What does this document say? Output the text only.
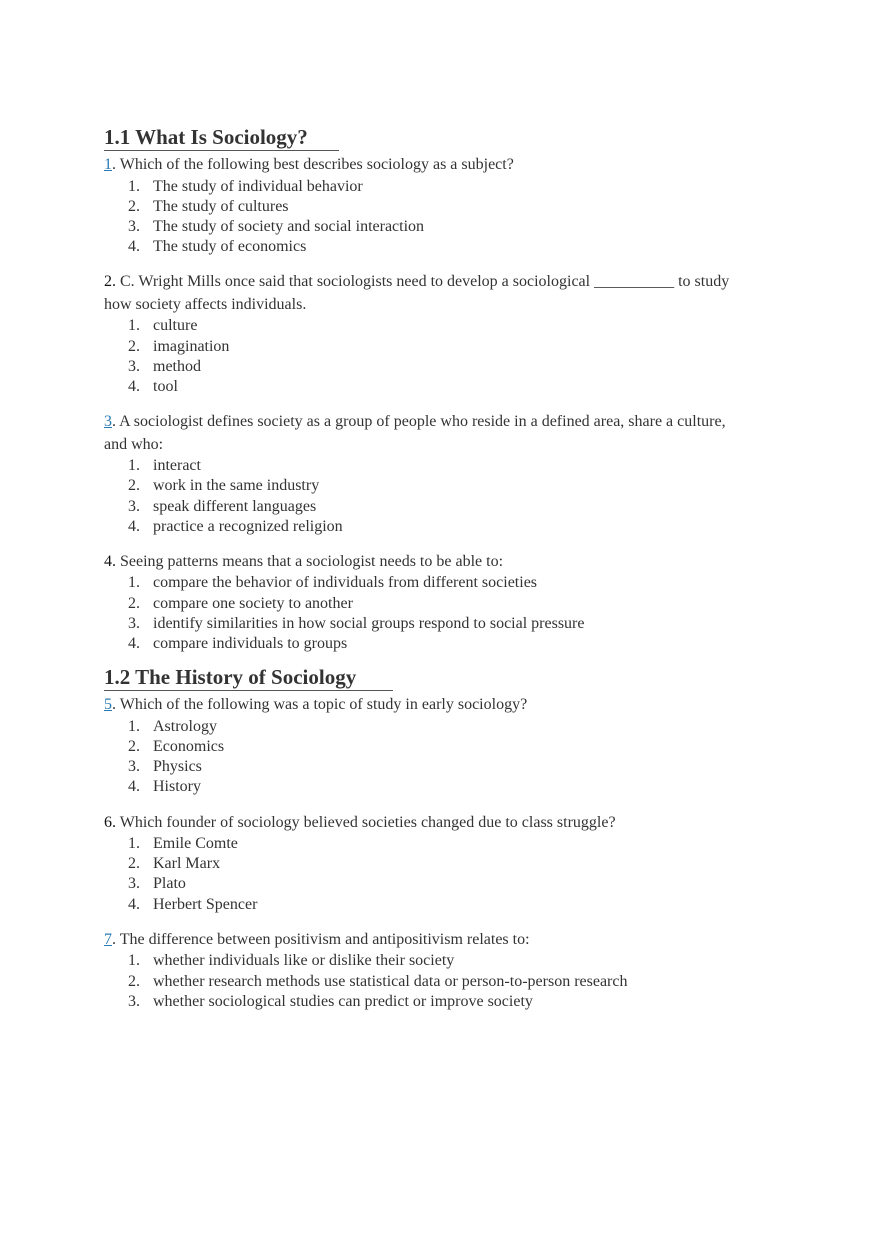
1.1 What Is Sociology?

1. Which of the following best describes sociology as a subject?

1. The study of individual behavior
2. The study of cultures
3. The study of society and social interaction
4. The study of economics

2. C. Wright Mills once said that sociologists need to develop a sociological __________ to study how society affects individuals.

1. culture
2. imagination
3. method
4. tool

3. A sociologist defines society as a group of people who reside in a defined area, share a culture, and who:

1. interact
2. work in the same industry
3. speak different languages
4. practice a recognized religion

4. Seeing patterns means that a sociologist needs to be able to:

1. compare the behavior of individuals from different societies
2. compare one society to another
3. identify similarities in how social groups respond to social pressure
4. compare individuals to groups
1.2 The History of Sociology

5. Which of the following was a topic of study in early sociology?

1. Astrology
2. Economics
3. Physics
4. History

6. Which founder of sociology believed societies changed due to class struggle?

1. Emile Comte
2. Karl Marx
3. Plato
4. Herbert Spencer

7. The difference between positivism and antipositivism relates to:

1. whether individuals like or dislike their society
2. whether research methods use statistical data or person-to-person research
3. whether sociological studies can predict or improve society
